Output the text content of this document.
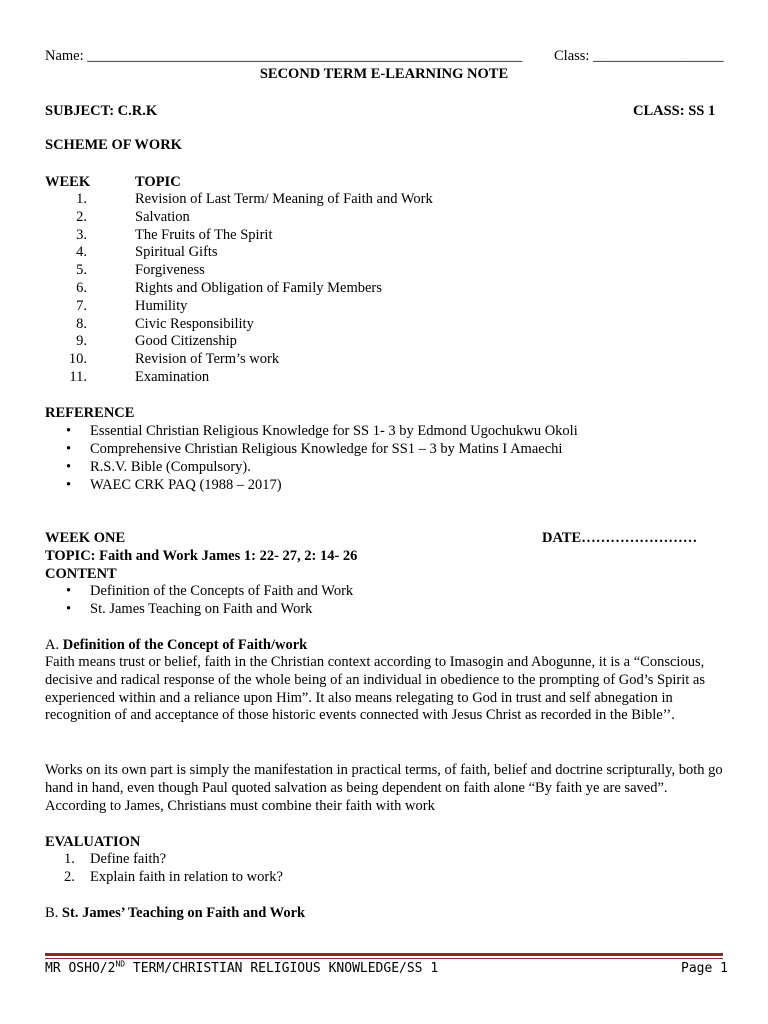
Name: ____________________________________________________________ Class: __________________
SECOND TERM E-LEARNING NOTE
SUBJECT: C.R.K	CLASS: SS 1
SCHEME OF WORK
WEEK	TOPIC
1.	Revision of Last Term/ Meaning of Faith and Work
2.	Salvation
3.	The Fruits of The Spirit
4.	Spiritual Gifts
5.	Forgiveness
6.	Rights and Obligation of Family Members
7.	Humility
8.	Civic Responsibility
9.	Good Citizenship
10.	Revision of Term’s work
11.	Examination
REFERENCE
• Essential Christian Religious Knowledge for SS 1- 3 by Edmond Ugochukwu Okoli
• Comprehensive Christian Religious Knowledge for SS1 – 3 by Matins I Amaechi
• R.S.V. Bible (Compulsory).
• WAEC CRK PAQ (1988 – 2017)
WEEK ONE	DATE……………………
TOPIC: Faith and Work James 1: 22- 27, 2: 14- 26
CONTENT
• Definition of the Concepts of Faith and Work
• St. James Teaching on Faith and Work
A. Definition of the Concept of Faith/work
Faith means trust or belief, faith in the Christian context according to Imasogin and Abogunne, it is a “Conscious, decisive and radical response of the whole being of an individual in obedience to the prompting of God’s Spirit as experienced within and a reliance upon Him”. It also means relegating to God in trust and self abnegation in recognition of and acceptance of those historic events connected with Jesus Christ as recorded in the Bible’’.
Works on its own part is simply the manifestation in practical terms, of faith, belief and doctrine scripturally, both go hand in hand, even though Paul quoted salvation as being dependent on faith alone “By faith ye are saved”. According to James, Christians must combine their faith with work
EVALUATION
1. Define faith?
2. Explain faith in relation to work?
B. St. James’ Teaching on Faith and Work
MR OSHO/2ND TERM/CHRISTIAN RELIGIOUS KNOWLEDGE/SS 1	Page 1
